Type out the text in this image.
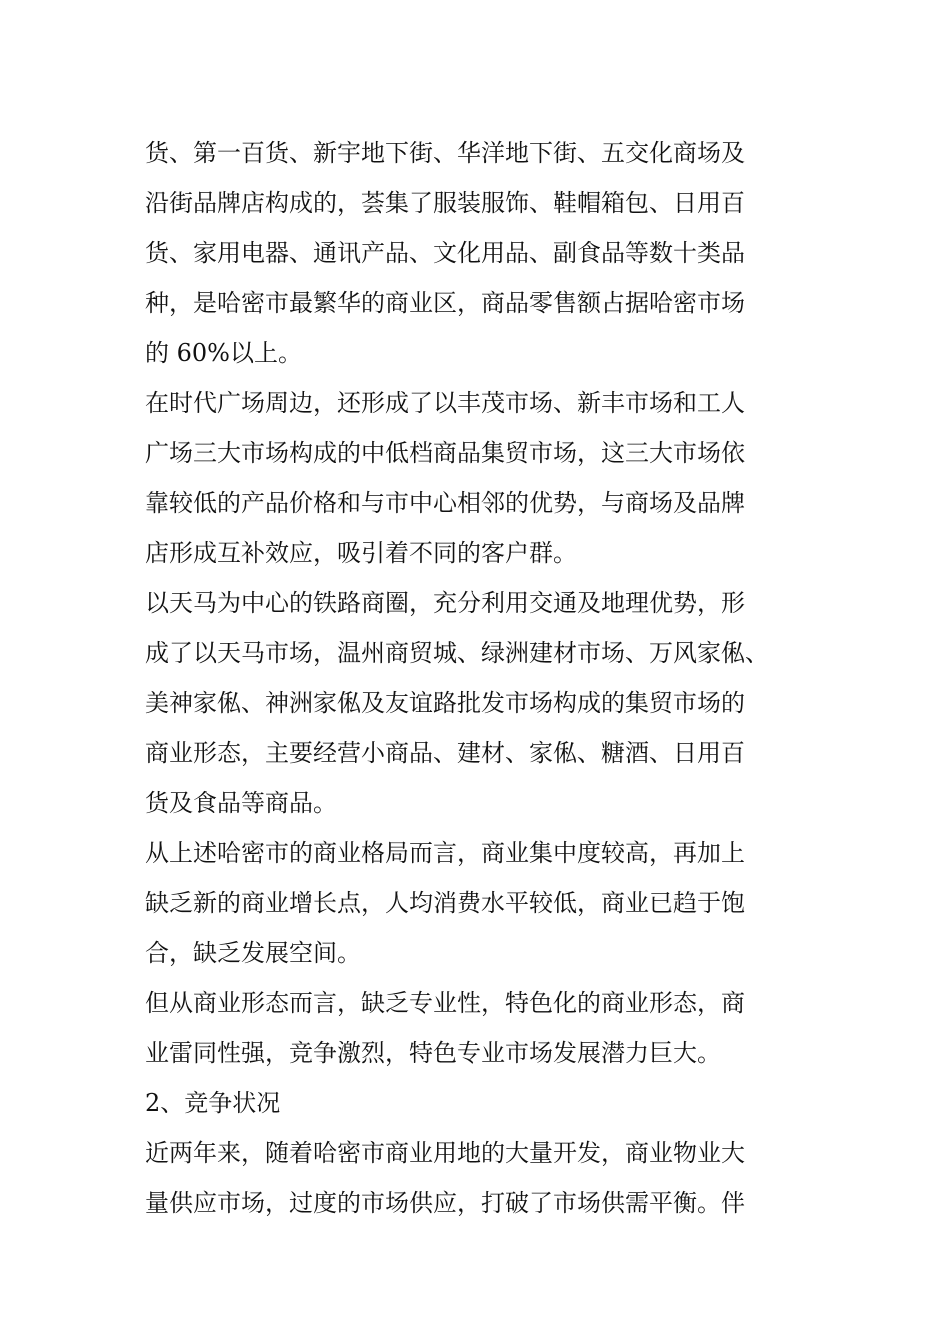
货、第一百货、新宇地下街、华洋地下街、五交化商场及
沿街品牌店构成的，荟集了服装服饰、鞋帽箱包、日用百
货、家用电器、通讯产品、文化用品、副食品等数十类品
种，是哈密市最繁华的商业区，商品零售额占据哈密市场
的 60%以上。
在时代广场周边，还形成了以丰茂市场、新丰市场和工人
广场三大市场构成的中低档商品集贸市场，这三大市场依
靠较低的产品价格和与市中心相邻的优势，与商场及品牌
店形成互补效应，吸引着不同的客户群。
以天马为中心的铁路商圈，充分利用交通及地理优势，形
成了以天马市场，温州商贸城、绿洲建材市场、万风家俬、
美神家俬、神洲家俬及友谊路批发市场构成的集贸市场的
商业形态，主要经营小商品、建材、家俬、糖酒、日用百
货及食品等商品。
从上述哈密市的商业格局而言，商业集中度较高，再加上
缺乏新的商业增长点，人均消费水平较低，商业已趋于饱
合，缺乏发展空间。
但从商业形态而言，缺乏专业性，特色化的商业形态，商
业雷同性强，竞争激烈，特色专业市场发展潜力巨大。
2、竞争状况
近两年来，随着哈密市商业用地的大量开发，商业物业大
量供应市场，过度的市场供应，打破了市场供需平衡。伴
